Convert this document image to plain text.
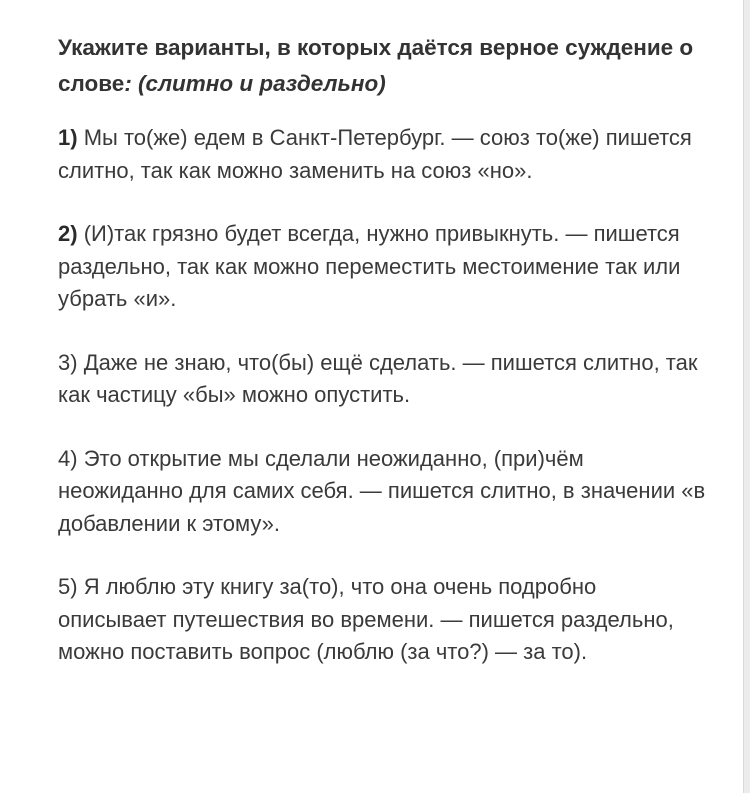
Укажите варианты, в которых даётся верное суждение о слове: (слитно и раздельно)

1) Мы то(же) едем в Санкт-Петербург. — союз то(же) пишется слитно, так как можно заменить на союз «но».

2) (И)так грязно будет всегда, нужно привыкнуть. — пишется раздельно, так как можно переместить местоимение так или убрать «и».

3) Даже не знаю, что(бы) ещё сделать. — пишется слитно, так как частицу «бы» можно опустить.

4) Это открытие мы сделали неожиданно, (при)чём неожиданно для самих себя. — пишется слитно, в значении «в добавлении к этому».

5) Я люблю эту книгу за(то), что она очень подробно описывает путешествия во времени. — пишется раздельно, можно поставить вопрос (люблю (за что?) — за то).
